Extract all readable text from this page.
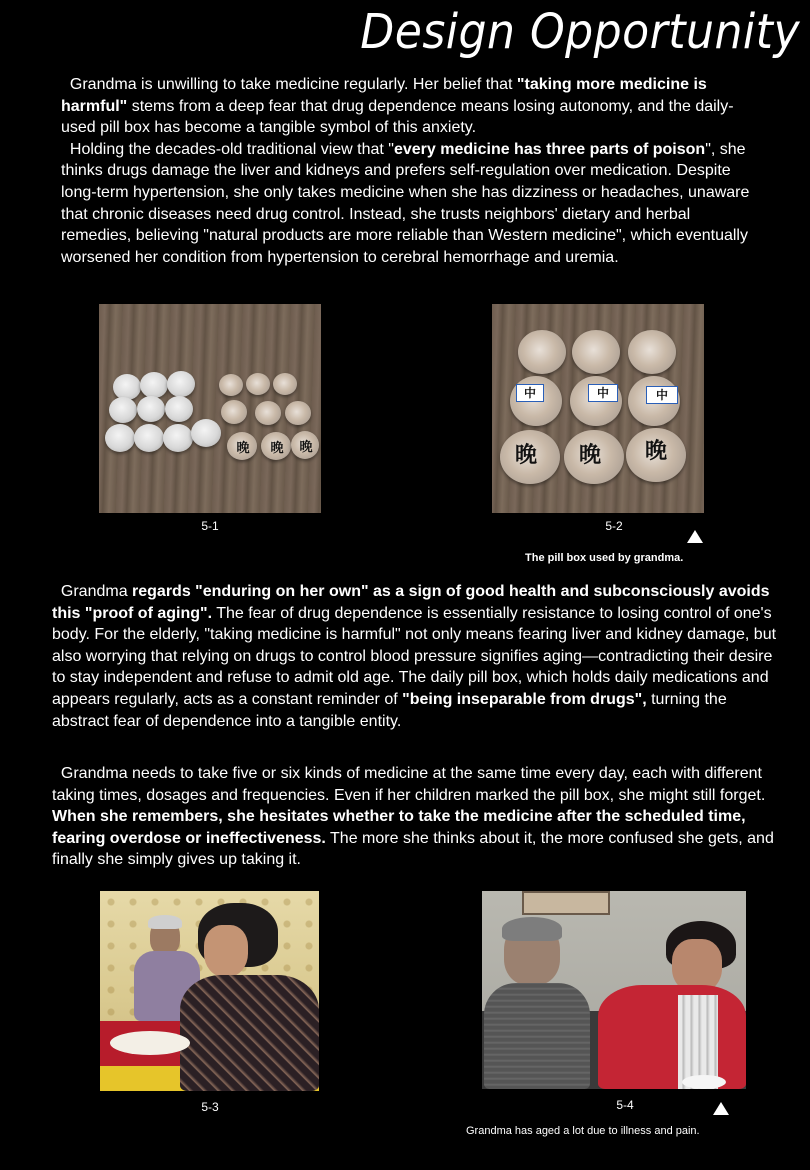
Design Opportunity

Grandma is unwilling to take medicine regularly. Her belief that "taking more medicine is harmful" stems from a deep fear that drug dependence means losing autonomy, and the daily-used pill box has become a tangible symbol of this anxiety.
Holding the decades-old traditional view that "every medicine has three parts of poison", she thinks drugs damage the liver and kidneys and prefers self-regulation over medication. Despite long-term hypertension, she only takes medicine when she has dizziness or headaches, unaware that chronic diseases need drug control. Instead, she trusts neighbors' dietary and herbal remedies, believing "natural products are more reliable than Western medicine", which eventually worsened her condition from hypertension to cerebral hemorrhage and uremia.

晚	晚	晚
5-1
中	中	中
晚	晚	晚
5-2
The pill box used by grandma.

Grandma regards "enduring on her own" as a sign of good health and subconsciously avoids this "proof of aging". The fear of drug dependence is essentially resistance to losing control of one's body. For the elderly, "taking medicine is harmful" not only means fearing liver and kidney damage, but also worrying that relying on drugs to control blood pressure signifies aging—contradicting their desire to stay independent and refuse to admit old age. The daily pill box, which holds daily medications and appears regularly, acts as a constant reminder of "being inseparable from drugs", turning the abstract fear of dependence into a tangible entity.

Grandma needs to take five or six kinds of medicine at the same time every day, each with different taking times, dosages and frequencies. Even if her children marked the pill box, she might still forget. When she remembers, she hesitates whether to take the medicine after the scheduled time, fearing overdose or ineffectiveness. The more she thinks about it, the more confused she gets, and finally she simply gives up taking it.

5-3	5-4
Grandma has aged a lot due to illness and pain.
